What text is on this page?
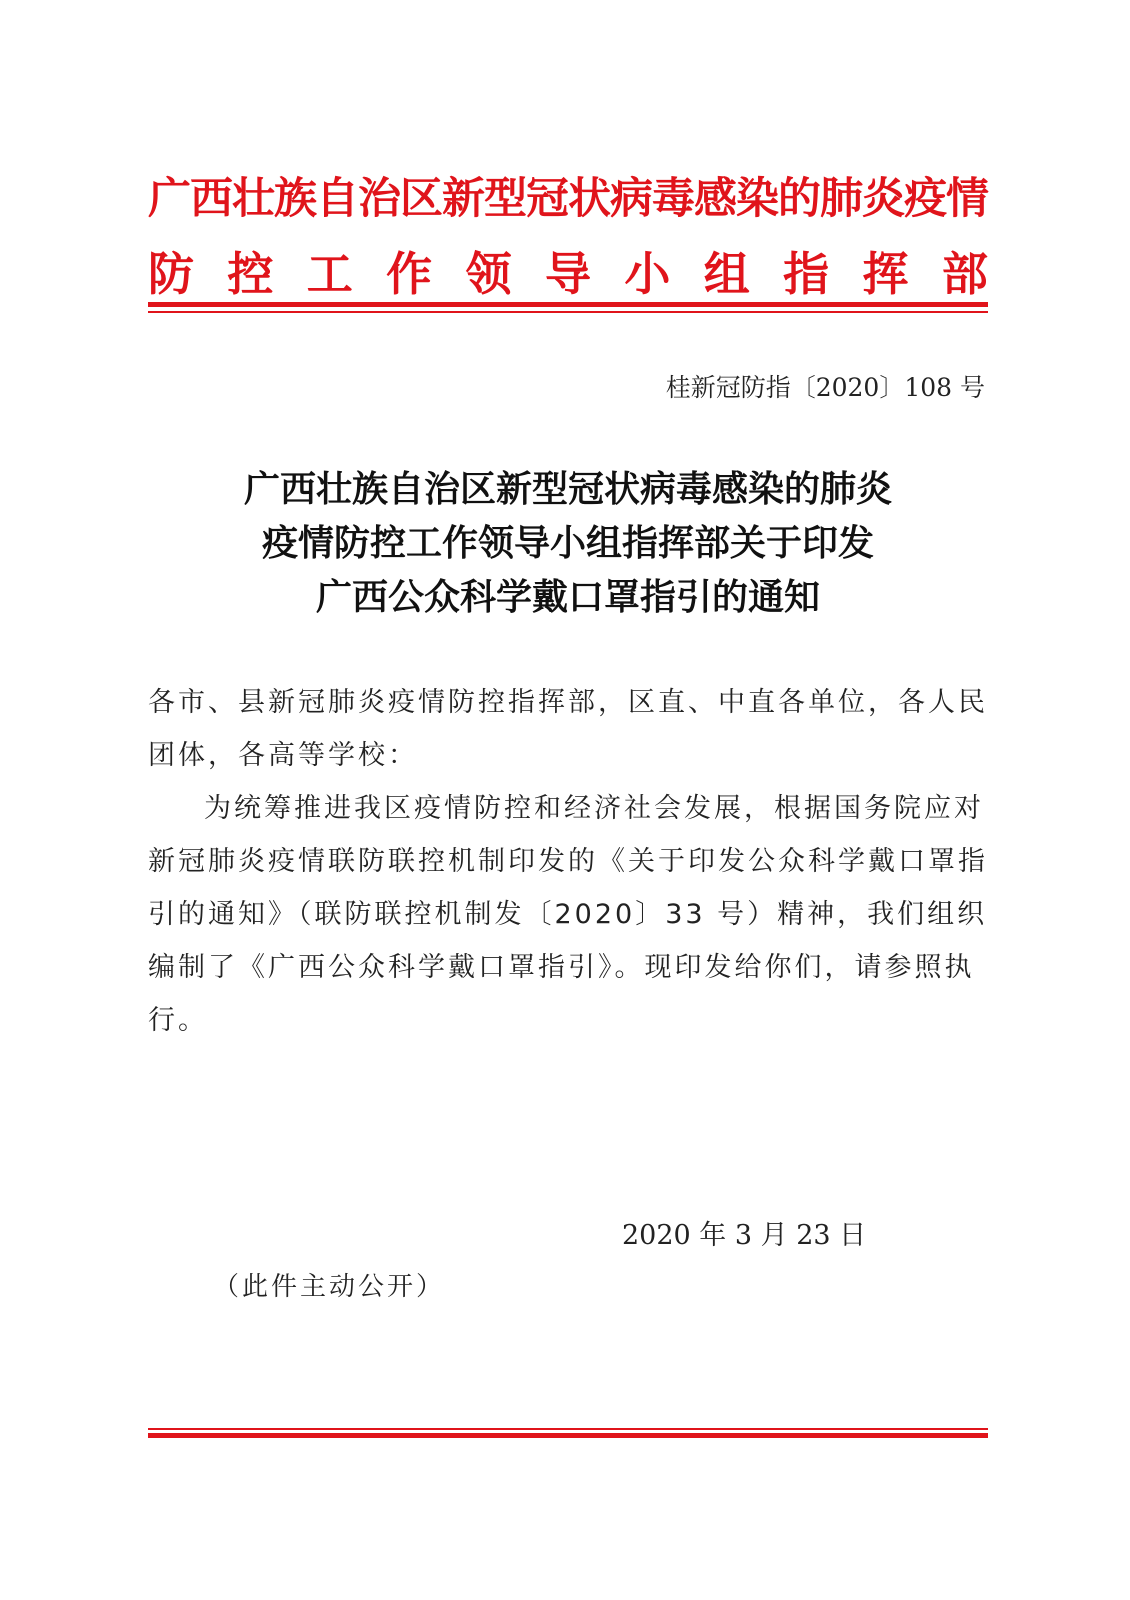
广西壮族自治区新型冠状病毒感染的肺炎疫情
防 控 工 作 领 导 小 组 指 挥 部
桂新冠防指〔2020〕108 号
广西壮族自治区新型冠状病毒感染的肺炎
疫情防控工作领导小组指挥部关于印发
广西公众科学戴口罩指引的通知
各市、县新冠肺炎疫情防控指挥部，区直、中直各单位，各人民团体，各高等学校：
为统筹推进我区疫情防控和经济社会发展，根据国务院应对新冠肺炎疫情联防联控机制印发的《关于印发公众科学戴口罩指引的通知》（联防联控机制发〔2020〕33 号）精神，我们组织编制了《广西公众科学戴口罩指引》。现印发给你们，请参照执行。
2020 年 3 月 23 日
（此件主动公开）
